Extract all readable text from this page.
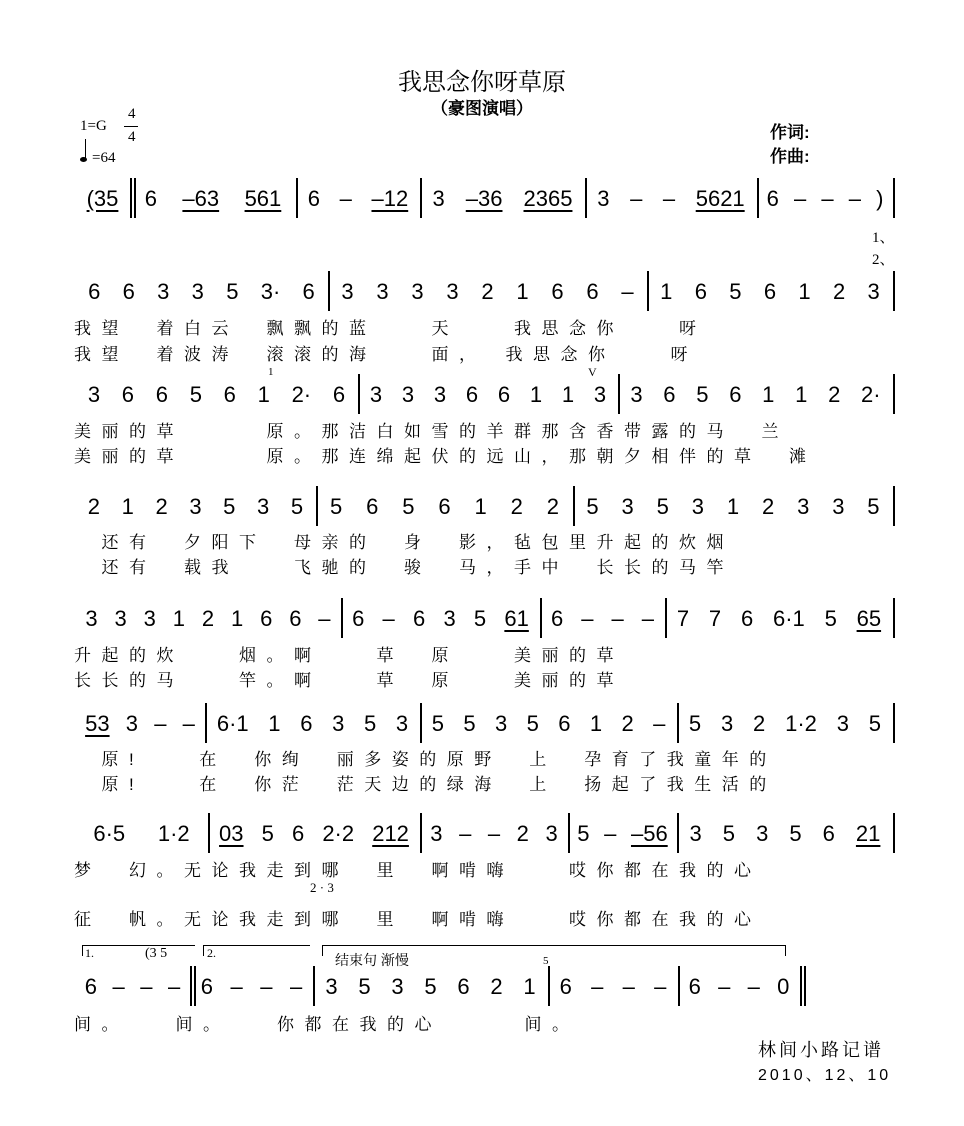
我思念你呀草原
（豪图演唱）
1=G
4
4
=64
作词:
作曲:
1、
2、
(35 6 –63 561 6 – –12 3 –36 2365 3 – – 5621 6 – – – )
6 6 3 3 5 3· 6 3 3 3 3 2 1 6 6 – 1 6 5 6 1 2 3
我望　着白云　飘飘的蓝　　天　　我思念你　　呀
我望　着波涛　滚滚的海　　面，　我思念你　　呀
3 6 6 5 6 1 2· 6 3 3 3 6 6 1 1 3 3 6 5 6 1 1 2 2·
美丽的草　　　原。那洁白如雪的羊群那含香带露的马　兰
美丽的草　　　原。那连绵起伏的远山，那朝夕相伴的草　滩
2 1 2 3 5 3 5 5 6 5 6 1 2 2 5 3 5 3 1 2 3 3 5
　还有　夕阳下　母亲的　身　影，毡包里升起的炊烟
　还有　载我　　飞驰的　骏　马，手中　长长的马竿
3 3 3 1 2 1 6 6 – 6 – 6 3 5 61 6 – – – 7 7 6 6·1 5 65
升起的炊　　烟。啊　　草　原　　美丽的草
长长的马　　竿。啊　　草　原　　美丽的草
53 3 – – 6·1 1 6 3 5 3 5 5 3 5 6 1 2 – 5 3 2 1·2 3 5
　原!　　在　你绚　丽多姿的原野　上　孕育了我童年的
　原!　　在　你茫　茫天边的绿海　上　扬起了我生活的
6·5 1·2 03 5 6 2·2 212 3 – – 2 3 5 – –56 3 5 3 5 6 21
梦　幻。无论我走到哪　里　啊啃嗨　　哎你都在我的心
征　帆。无论我走到哪　里　啊啃嗨　　哎你都在我的心
6 – – – 6 – – – 3 5 3 5 6 2 1 6 – – – 6 – – 0
间。　　间。　　你都在我的心　　　间。
V
1
5
2 · 3
1.	(3 5	2.	结束句 渐慢
林间小路记谱
2010、12、10
